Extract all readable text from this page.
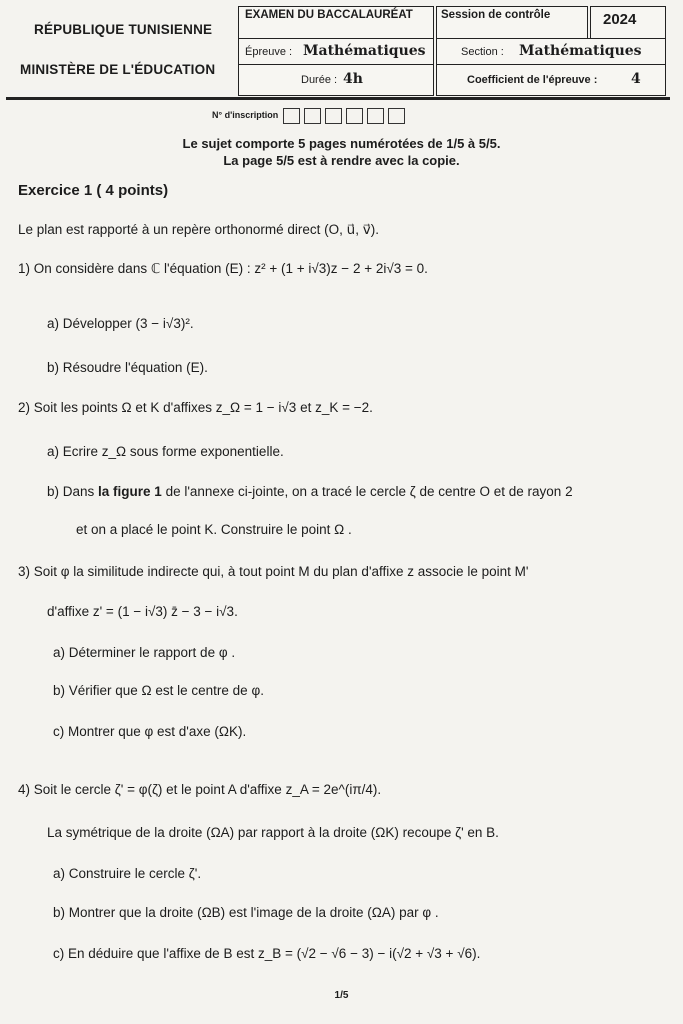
RÉPUBLIQUE TUNISIENNE
MINISTÈRE DE L'ÉDUCATION
EXAMEN DU BACCALAURÉAT Session de contrôle	2024
Épreuve : Mathématiques	Section : Mathématiques
Durée : 4h	Coefficient de l'épreuve : 4
N° d'inscription
Le sujet comporte 5 pages numérotées de 1/5 à 5/5.
La page 5/5 est à rendre avec la copie.
Exercice 1 ( 4 points)
Le plan est rapporté à un repère orthonormé direct (O, u⃗, v⃗).
1) On considère dans ℂ l'équation (E) : z² + (1 + i√3)z − 2 + 2i√3 = 0.
a) Développer (3 − i√3)².
b) Résoudre l'équation (E).
2) Soit les points Ω et K d'affixes z_Ω = 1 − i√3 et z_K = −2.
a) Ecrire z_Ω sous forme exponentielle.
b) Dans la figure 1 de l'annexe ci-jointe, on a tracé le cercle ζ de centre O et de rayon 2
et on a placé le point K. Construire le point Ω .
3) Soit φ la similitude indirecte qui, à tout point M du plan d'affixe z associe le point M'
d'affixe z' = (1 − i√3) z̄ − 3 − i√3.
a) Déterminer le rapport de φ .
b) Vérifier que Ω est le centre de φ.
c) Montrer que φ est d'axe (ΩK).
4) Soit le cercle ζ' = φ(ζ) et le point A d'affixe z_A = 2e^(iπ/4).
La symétrique de la droite (ΩA) par rapport à la droite (ΩK) recoupe ζ' en B.
a) Construire le cercle ζ'.
b) Montrer que la droite (ΩB) est l'image de la droite (ΩA) par φ .
c) En déduire que l'affixe de B est z_B = (√2 − √6 − 3) − i(√2 + √3 + √6).
1/5
